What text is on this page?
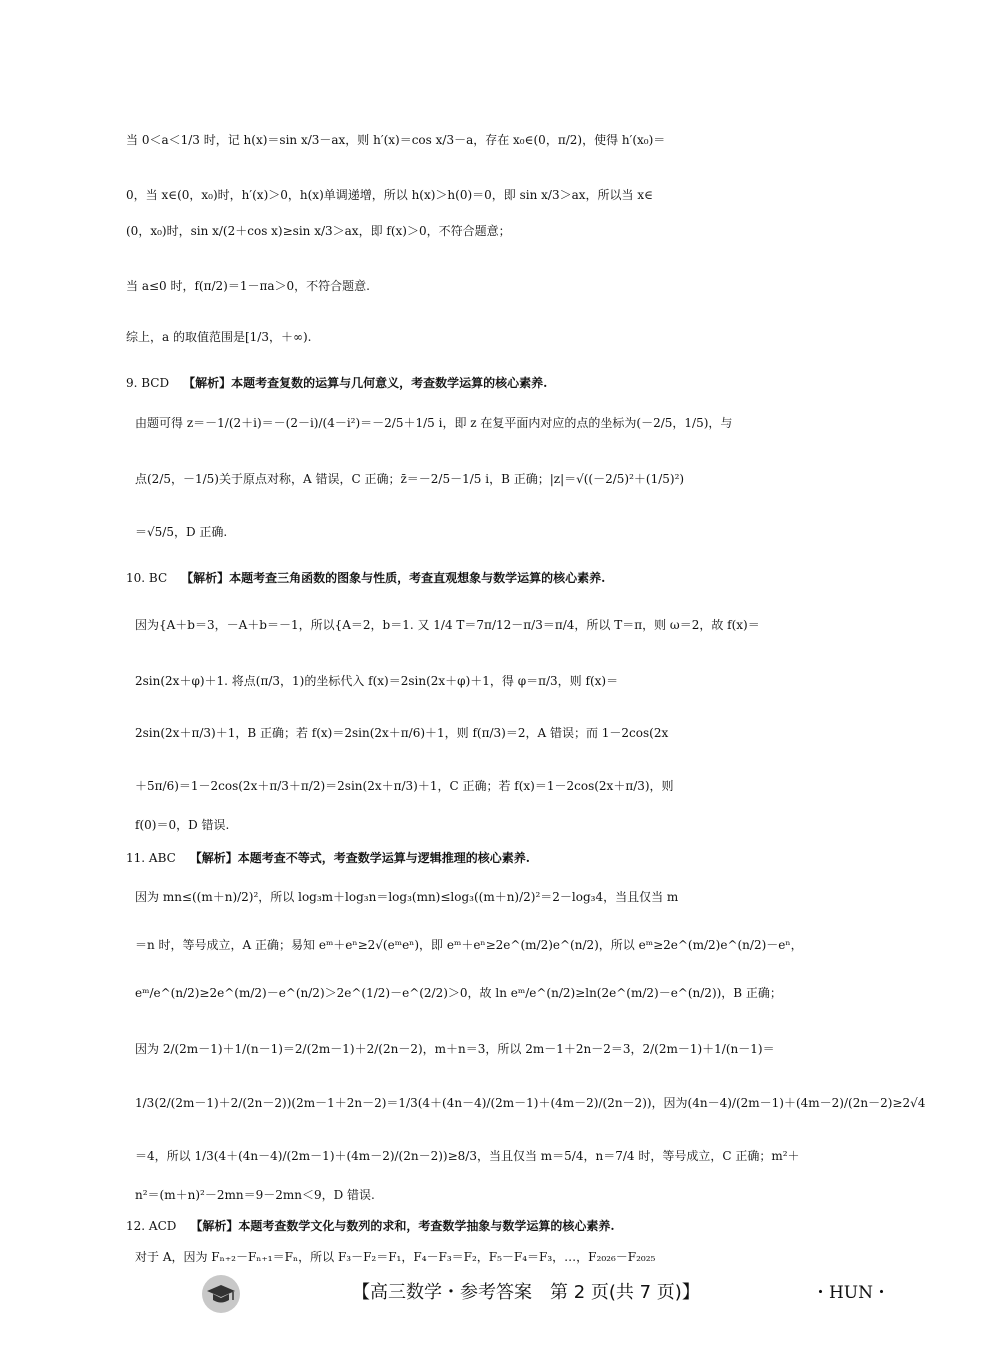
当 0＜a＜1/3 时，记 h(x)＝sin x/3－ax，则 h′(x)＝cos x/3－a，存在 x₀∈(0，π/2)，使得 h′(x₀)＝
0，当 x∈(0，x₀)时，h′(x)＞0，h(x)单调递增，所以 h(x)＞h(0)＝0，即 sin x/3＞ax，所以当 x∈
(0，x₀)时，sin x/(2＋cos x)≥sin x/3＞ax，即 f(x)＞0，不符合题意；
当 a≤0 时，f(π/2)＝1－πa＞0，不符合题意.
综上，a 的取值范围是[1/3，＋∞).
9. BCD 【解析】本题考查复数的运算与几何意义，考查数学运算的核心素养.
由题可得 z＝－1/(2＋i)＝－(2－i)/(4－i²)＝－2/5＋1/5 i，即 z 在复平面内对应的点的坐标为(－2/5，1/5)，与
点(2/5，－1/5)关于原点对称，A 错误，C 正确；z̄＝－2/5－1/5 i，B 正确；|z|＝√((－2/5)²＋(1/5)²)
＝√5/5，D 正确.
10. BC 【解析】本题考查三角函数的图象与性质，考查直观想象与数学运算的核心素养.
因为{A＋b＝3，－A＋b＝－1，所以{A＝2，b＝1. 又 1/4 T＝7π/12－π/3＝π/4，所以 T＝π，则 ω＝2，故 f(x)＝
2sin(2x＋φ)＋1. 将点(π/3，1)的坐标代入 f(x)＝2sin(2x＋φ)＋1，得 φ＝π/3，则 f(x)＝
2sin(2x＋π/3)＋1，B 正确；若 f(x)＝2sin(2x＋π/6)＋1，则 f(π/3)＝2，A 错误；而 1－2cos(2x
＋5π/6)＝1－2cos(2x＋π/3＋π/2)＝2sin(2x＋π/3)＋1，C 正确；若 f(x)＝1－2cos(2x＋π/3)，则
f(0)＝0，D 错误.
11. ABC 【解析】本题考查不等式，考查数学运算与逻辑推理的核心素养.
因为 mn≤((m＋n)/2)²，所以 log₃m＋log₃n＝log₃(mn)≤log₃((m＋n)/2)²＝2－log₃4，当且仅当 m
＝n 时，等号成立，A 正确；易知 eᵐ＋eⁿ≥2√(eᵐeⁿ)，即 eᵐ＋eⁿ≥2e^(m/2)e^(n/2)，所以 eᵐ≥2e^(m/2)e^(n/2)－eⁿ，
eᵐ/e^(n/2)≥2e^(m/2)－e^(n/2)＞2e^(1/2)－e^(2/2)＞0，故 ln eᵐ/e^(n/2)≥ln(2e^(m/2)－e^(n/2))，B 正确；
因为 2/(2m－1)＋1/(n－1)＝2/(2m－1)＋2/(2n－2)，m＋n＝3，所以 2m－1＋2n－2＝3，2/(2m－1)＋1/(n－1)＝
1/3(2/(2m－1)＋2/(2n－2))(2m－1＋2n－2)＝1/3(4＋(4n－4)/(2m－1)＋(4m－2)/(2n－2))，因为(4n－4)/(2m－1)＋(4m－2)/(2n－2)≥2√4
＝4，所以 1/3(4＋(4n－4)/(2m－1)＋(4m－2)/(2n－2))≥8/3，当且仅当 m＝5/4，n＝7/4 时，等号成立，C 正确；m²＋
n²＝(m＋n)²－2mn＝9－2mn＜9，D 错误.
12. ACD 【解析】本题考查数学文化与数列的求和，考查数学抽象与数学运算的核心素养.
对于 A，因为 Fₙ₊₂－Fₙ₊₁＝Fₙ，所以 F₃－F₂＝F₁，F₄－F₃＝F₂，F₅－F₄＝F₃，…，F₂₀₂₆－F₂₀₂₅
【高三数学・参考答案　第 2 页(共 7 页)】	・HUN・
